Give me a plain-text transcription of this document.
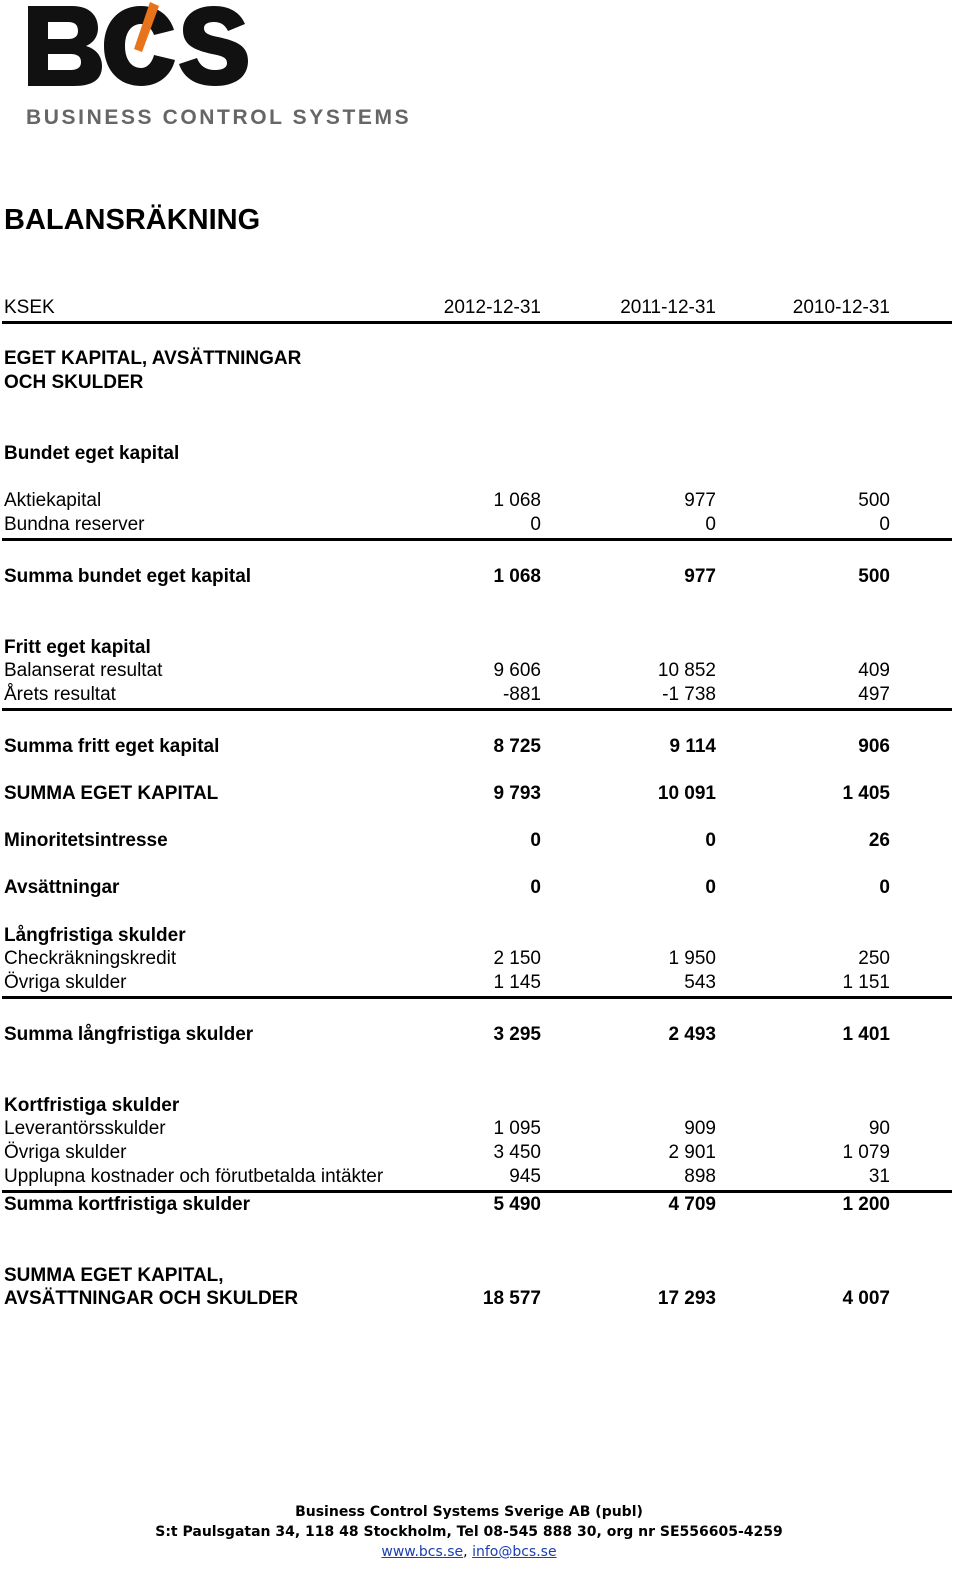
BUSINESS CONTROL SYSTEMS
BALANSRÄKNING
KSEK	2012-12-31	2011-12-31	2010-12-31
EGET KAPITAL, AVSÄTTNINGAR
OCH SKULDER
Bundet eget kapital
Aktiekapital	1 068	977	500
Bundna reserver	0	0	0
Summa bundet eget kapital	1 068	977	500
Fritt eget kapital
Balanserat resultat	9 606	10 852	409
Årets resultat	-881	-1 738	497
Summa fritt eget kapital	8 725	9 114	906
SUMMA EGET KAPITAL	9 793	10 091	1 405
Minoritetsintresse	0	0	26
Avsättningar	0	0	0
Långfristiga skulder
Checkräkningskredit	2 150	1 950	250
Övriga skulder	1 145	543	1 151
Summa långfristiga skulder	3 295	2 493	1 401
Kortfristiga skulder
Leverantörsskulder	1 095	909	90
Övriga skulder	3 450	2 901	1 079
Upplupna kostnader och förutbetalda intäkter	945	898	31
Summa kortfristiga skulder	5 490	4 709	1 200
SUMMA EGET KAPITAL,
AVSÄTTNINGAR OCH SKULDER	18 577	17 293	4 007
Business Control Systems Sverige AB (publ)
S:t Paulsgatan 34, 118 48 Stockholm, Tel 08-545 888 30, org nr SE556605-4259
www.bcs.se, info@bcs.se
